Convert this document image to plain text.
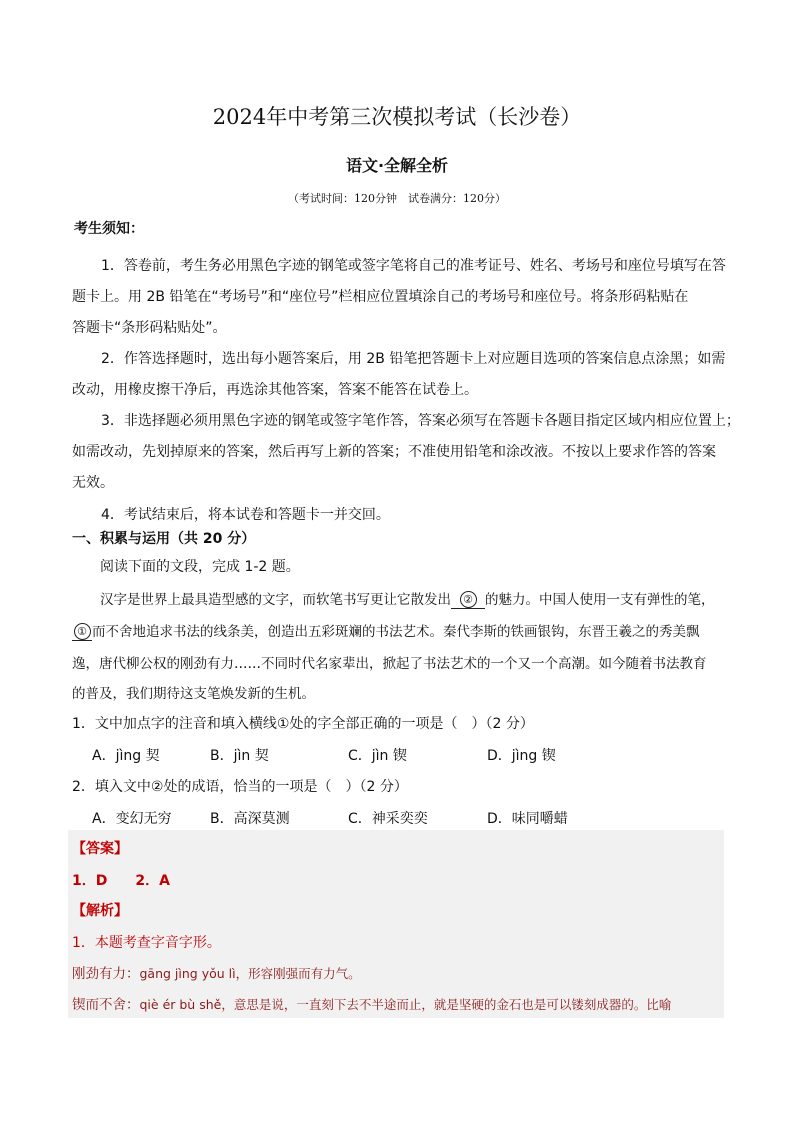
2024年中考第三次模拟考试（长沙卷）
语文·全解全析
（考试时间：120分钟　试卷满分：120分）
考生须知：
1．答卷前，考生务必用黑色字迹的钢笔或签字笔将自己的准考证号、姓名、考场号和座位号填写在答
题卡上。用 2B 铅笔在“考场号”和“座位号”栏相应位置填涂自己的考场号和座位号。将条形码粘贴在
答题卡“条形码粘贴处”。
2．作答选择题时，选出每小题答案后，用 2B 铅笔把答题卡上对应题目选项的答案信息点涂黑；如需
改动，用橡皮擦干净后，再选涂其他答案，答案不能答在试卷上。
3．非选择题必须用黑色字迹的钢笔或签字笔作答，答案必须写在答题卡各题目指定区域内相应位置上；
如需改动，先划掉原来的答案，然后再写上新的答案；不准使用铅笔和涂改液。不按以上要求作答的答案
无效。
4．考试结束后，将本试卷和答题卡一并交回。
一、积累与运用（共 20 分）
阅读下面的文段，完成 1-2 题。
汉字是世界上最具造型感的文字，而软笔书写更让它散发出 ② 的魅力。中国人使用一支有弹性的笔，
① 而不舍地追求书法的线条美，创造出五彩斑斓的书法艺术。秦代李斯的铁画银钩，东晋王羲之的秀美飘
逸，唐代柳公权的刚劲有力……不同时代名家辈出，掀起了书法艺术的一个又一个高潮。如今随着书法教育
的普及，我们期待这支笔焕发新的生机。
1．文中加点字的注音和填入横线①处的字全部正确的一项是（　）（2 分）
A．jìng 契	B．jìn 契	C．jìn 锲	D．jìng 锲
2．填入文中②处的成语，恰当的一项是（　）（2 分）
A．变幻无穷	B．高深莫测	C．神采奕奕	D．味同嚼蜡
【答案】
1．D　　2．A
【解析】
1．本题考查字音字形。
刚劲有力：gāng jìng yǒu lì，形容刚强而有力气。
锲而不舍：qiè ér bù shě，意思是说，一直刻下去不半途而止，就是坚硬的金石也是可以镂刻成器的。比喻
